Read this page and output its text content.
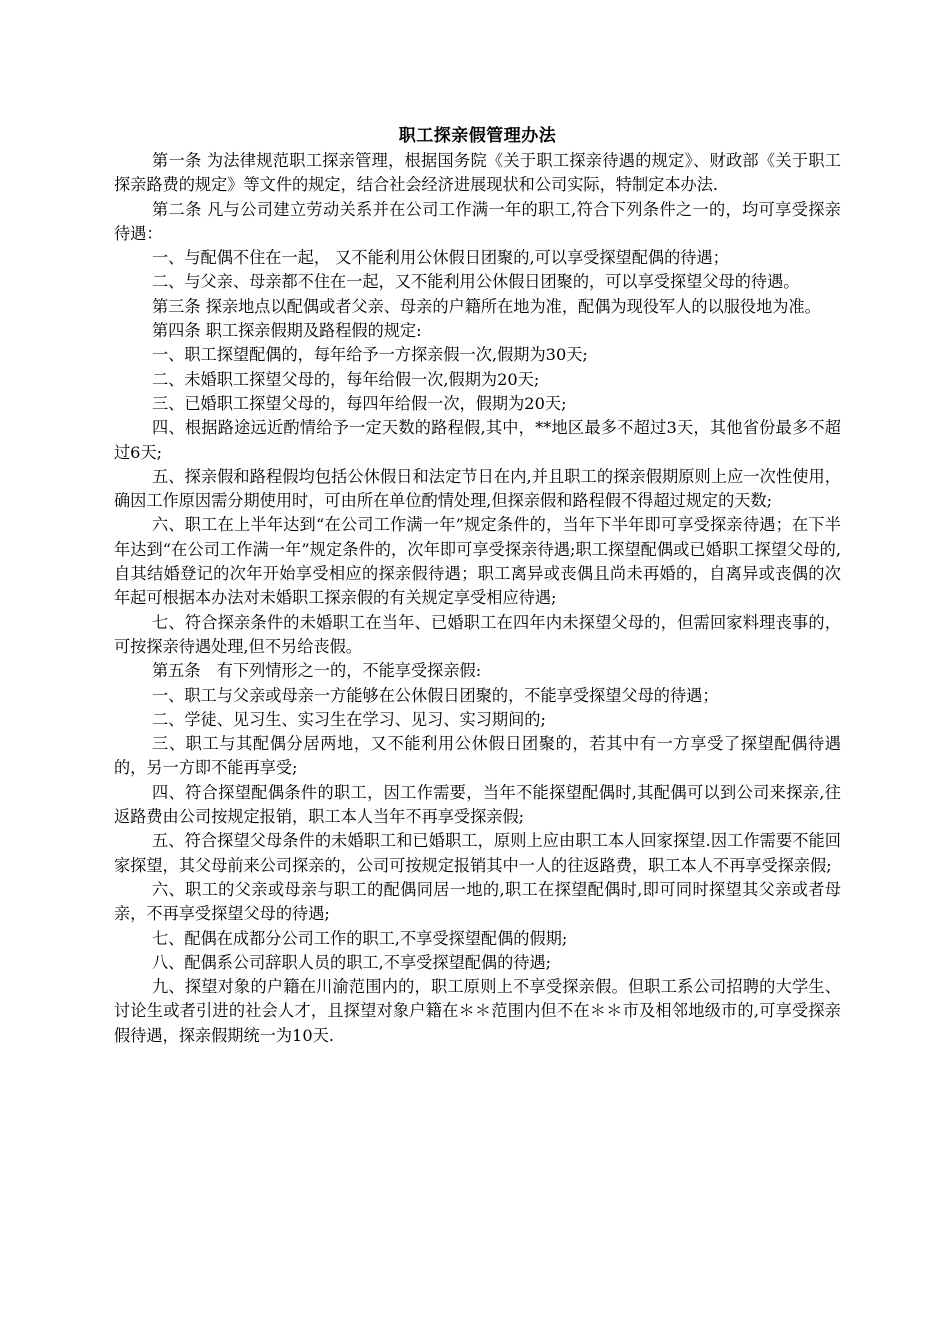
职工探亲假管理办法

第一条 为法律规范职工探亲管理，根据国务院《关于职工探亲待遇的规定》、财政部《关于职工探亲路费的规定》等文件的规定，结合社会经济进展现状和公司实际，特制定本办法.

第二条 凡与公司建立劳动关系并在公司工作满一年的职工,符合下列条件之一的，均可享受探亲待遇：

一、与配偶不住在一起， 又不能利用公休假日团聚的,可以享受探望配偶的待遇；

二、与父亲、母亲都不住在一起，又不能利用公休假日团聚的，可以享受探望父母的待遇。

第三条 探亲地点以配偶或者父亲、母亲的户籍所在地为准，配偶为现役军人的以服役地为准。

第四条 职工探亲假期及路程假的规定:

一、职工探望配偶的，每年给予一方探亲假一次,假期为30天;

二、未婚职工探望父母的，每年给假一次,假期为20天;

三、已婚职工探望父母的，每四年给假一次，假期为20天;

四、根据路途远近酌情给予一定天数的路程假,其中，**地区最多不超过3天，其他省份最多不超过6天;

五、探亲假和路程假均包括公休假日和法定节日在内,并且职工的探亲假期原则上应一次性使用，确因工作原因需分期使用时，可由所在单位酌情处理,但探亲假和路程假不得超过规定的天数;

六、职工在上半年达到“在公司工作满一年”规定条件的，当年下半年即可享受探亲待遇；在下半年达到“在公司工作满一年”规定条件的，次年即可享受探亲待遇;职工探望配偶或已婚职工探望父母的,自其结婚登记的次年开始享受相应的探亲假待遇；职工离异或丧偶且尚未再婚的，自离异或丧偶的次年起可根据本办法对未婚职工探亲假的有关规定享受相应待遇;

七、符合探亲条件的未婚职工在当年、已婚职工在四年内未探望父母的，但需回家料理丧事的，可按探亲待遇处理,但不另给丧假。

第五条　有下列情形之一的，不能享受探亲假:

一、职工与父亲或母亲一方能够在公休假日团聚的，不能享受探望父母的待遇；

二、学徒、见习生、实习生在学习、见习、实习期间的;

三、职工与其配偶分居两地，又不能利用公休假日团聚的，若其中有一方享受了探望配偶待遇的，另一方即不能再享受;

四、符合探望配偶条件的职工，因工作需要，当年不能探望配偶时,其配偶可以到公司来探亲,往返路费由公司按规定报销，职工本人当年不再享受探亲假;

五、符合探望父母条件的未婚职工和已婚职工，原则上应由职工本人回家探望.因工作需要不能回家探望，其父母前来公司探亲的，公司可按规定报销其中一人的往返路费，职工本人不再享受探亲假;

六、职工的父亲或母亲与职工的配偶同居一地的,职工在探望配偶时,即可同时探望其父亲或者母亲，不再享受探望父母的待遇;

七、配偶在成都分公司工作的职工,不享受探望配偶的假期;

八、配偶系公司辞职人员的职工,不享受探望配偶的待遇;

九、探望对象的户籍在川渝范围内的，职工原则上不享受探亲假。但职工系公司招聘的大学生、讨论生或者引进的社会人才，且探望对象户籍在＊＊范围内但不在＊＊市及相邻地级市的,可享受探亲假待遇，探亲假期统一为10天.
